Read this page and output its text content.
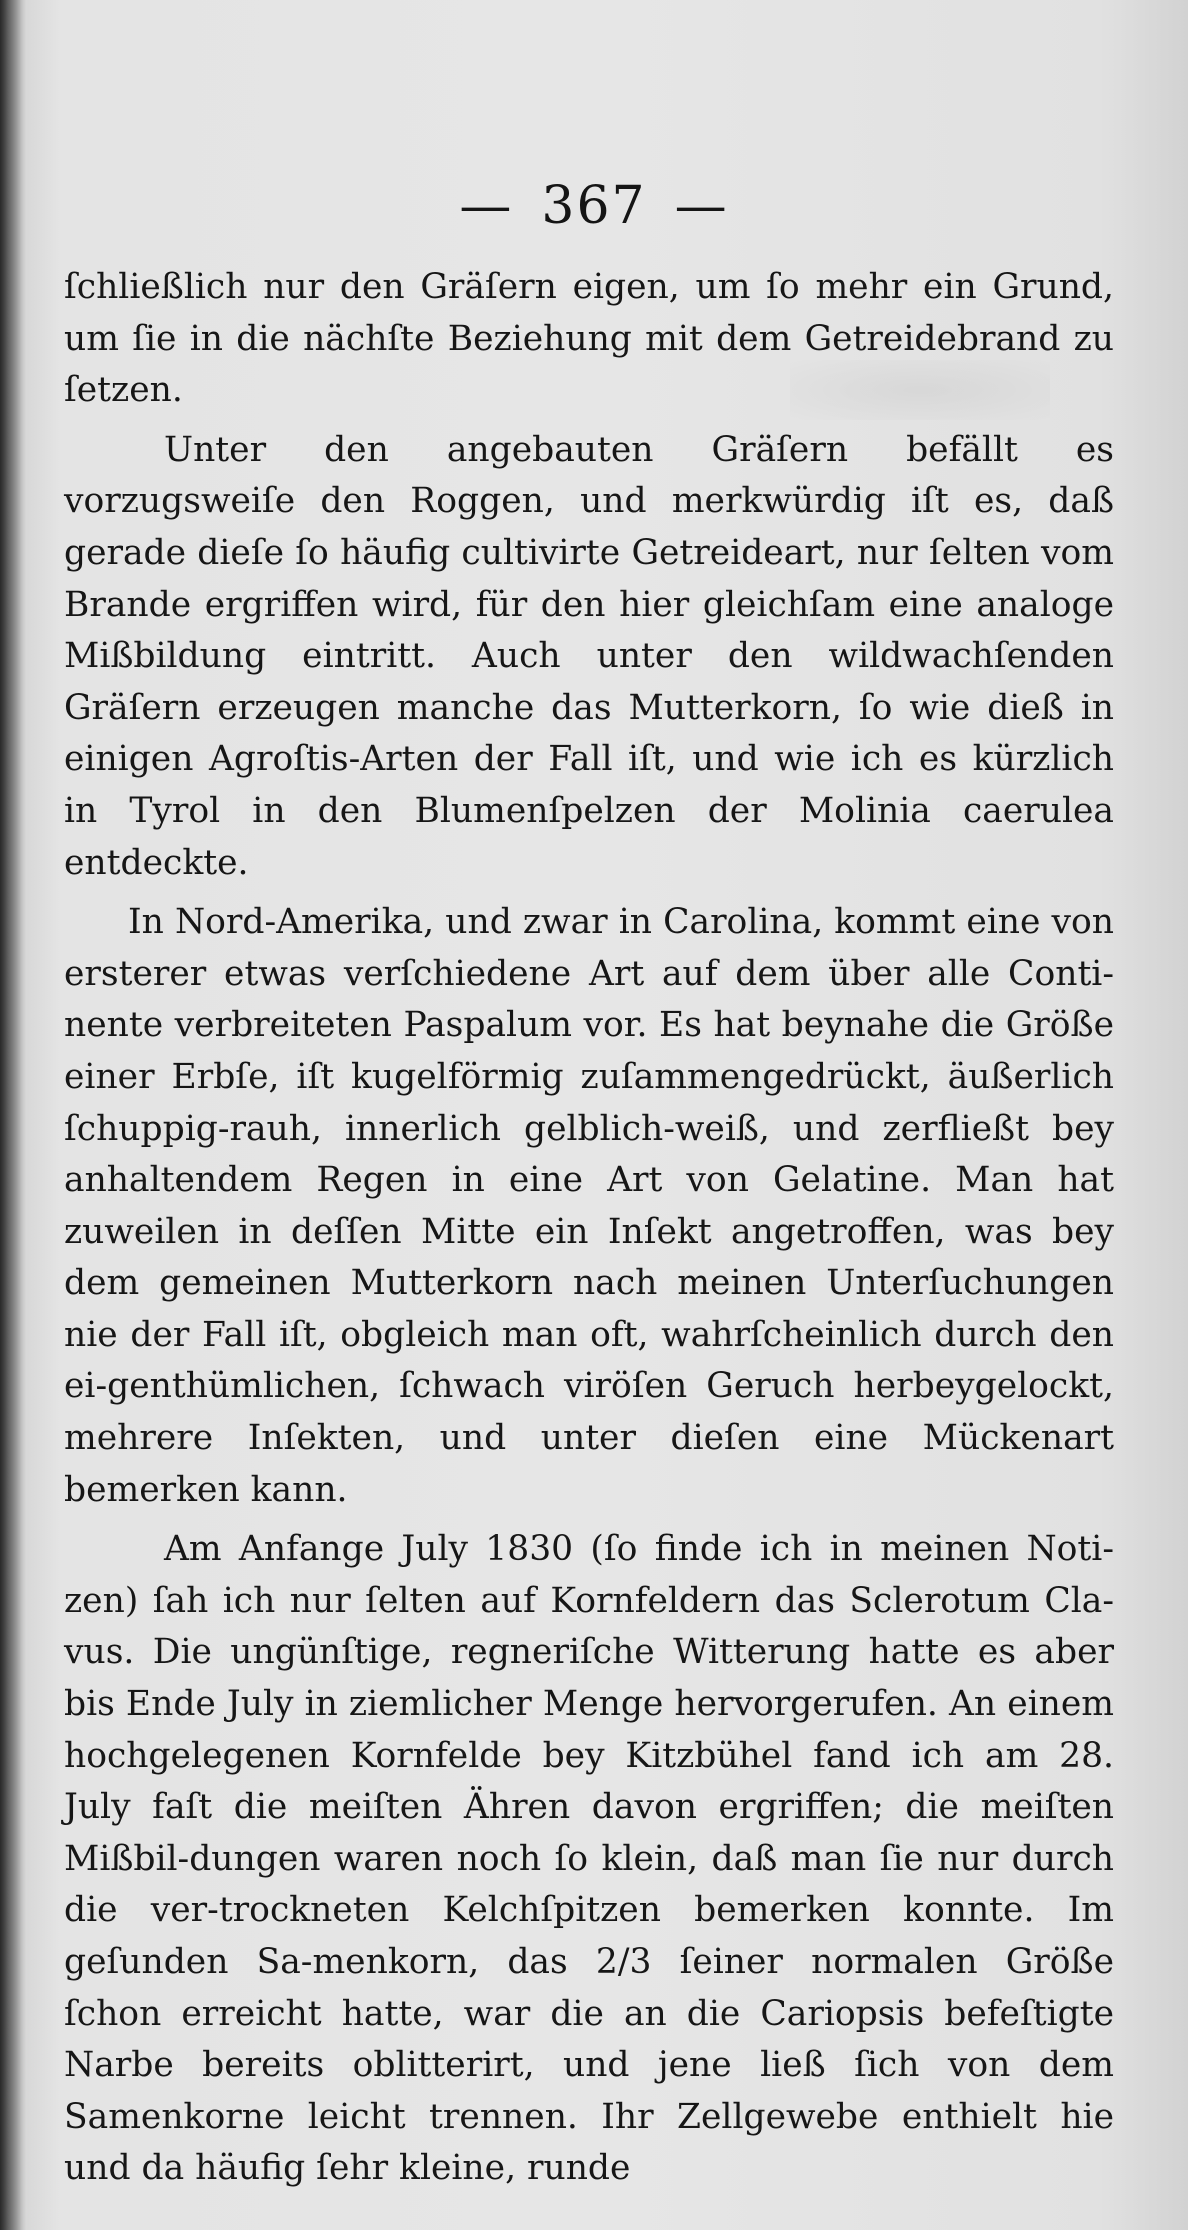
— 367 —

ſchließlich nur den Gräſern eigen, um ſo mehr ein Grund, um ſie in die nächſte Beziehung mit dem Getreidebrand zu ſetzen.

Unter den angebauten Gräſern befällt es vorzugsweiſe den Roggen, und merkwürdig iſt es, daß gerade dieſe ſo häufig cultivirte Getreideart, nur ſelten vom Brande ergriffen wird, für den hier gleichſam eine analoge Mißbildung eintritt. Auch unter den wildwachſenden Gräſern erzeugen manche das Mutterkorn, ſo wie dieß in einigen Agroſtis-Arten der Fall iſt, und wie ich es kürzlich in Tyrol in den Blumenſpelzen der Molinia caerulea entdeckte.

In Nord-Amerika, und zwar in Carolina, kommt eine von ersterer etwas verſchiedene Art auf dem über alle Conti-nente verbreiteten Paspalum vor. Es hat beynahe die Größe einer Erbſe, iſt kugelförmig zuſammengedrückt, äußerlich ſchuppig-rauh, innerlich gelblich-weiß, und zerfließt bey anhaltendem Regen in eine Art von Gelatine. Man hat zuweilen in deſſen Mitte ein Inſekt angetroffen, was bey dem gemeinen Mutterkorn nach meinen Unterſuchungen nie der Fall iſt, obgleich man oft, wahrſcheinlich durch den ei-genthümlichen, ſchwach viröſen Geruch herbeygelockt, mehrere Inſekten, und unter dieſen eine Mückenart bemerken kann.

Am Anfange July 1830 (ſo finde ich in meinen Noti-zen) ſah ich nur ſelten auf Kornfeldern das Sclerotum Cla-vus. Die ungünſtige, regneriſche Witterung hatte es aber bis Ende July in ziemlicher Menge hervorgerufen. An einem hochgelegenen Kornfelde bey Kitzbühel fand ich am 28. July faſt die meiſten Ähren davon ergriffen; die meiſten Mißbil-dungen waren noch ſo klein, daß man ſie nur durch die ver-trockneten Kelchſpitzen bemerken konnte. Im geſunden Sa-menkorn, das 2/3 ſeiner normalen Größe ſchon erreicht hatte, war die an die Cariopsis befeſtigte Narbe bereits oblitterirt, und jene ließ ſich von dem Samenkorne leicht trennen. Ihr Zellgewebe enthielt hie und da häufig ſehr kleine, runde
